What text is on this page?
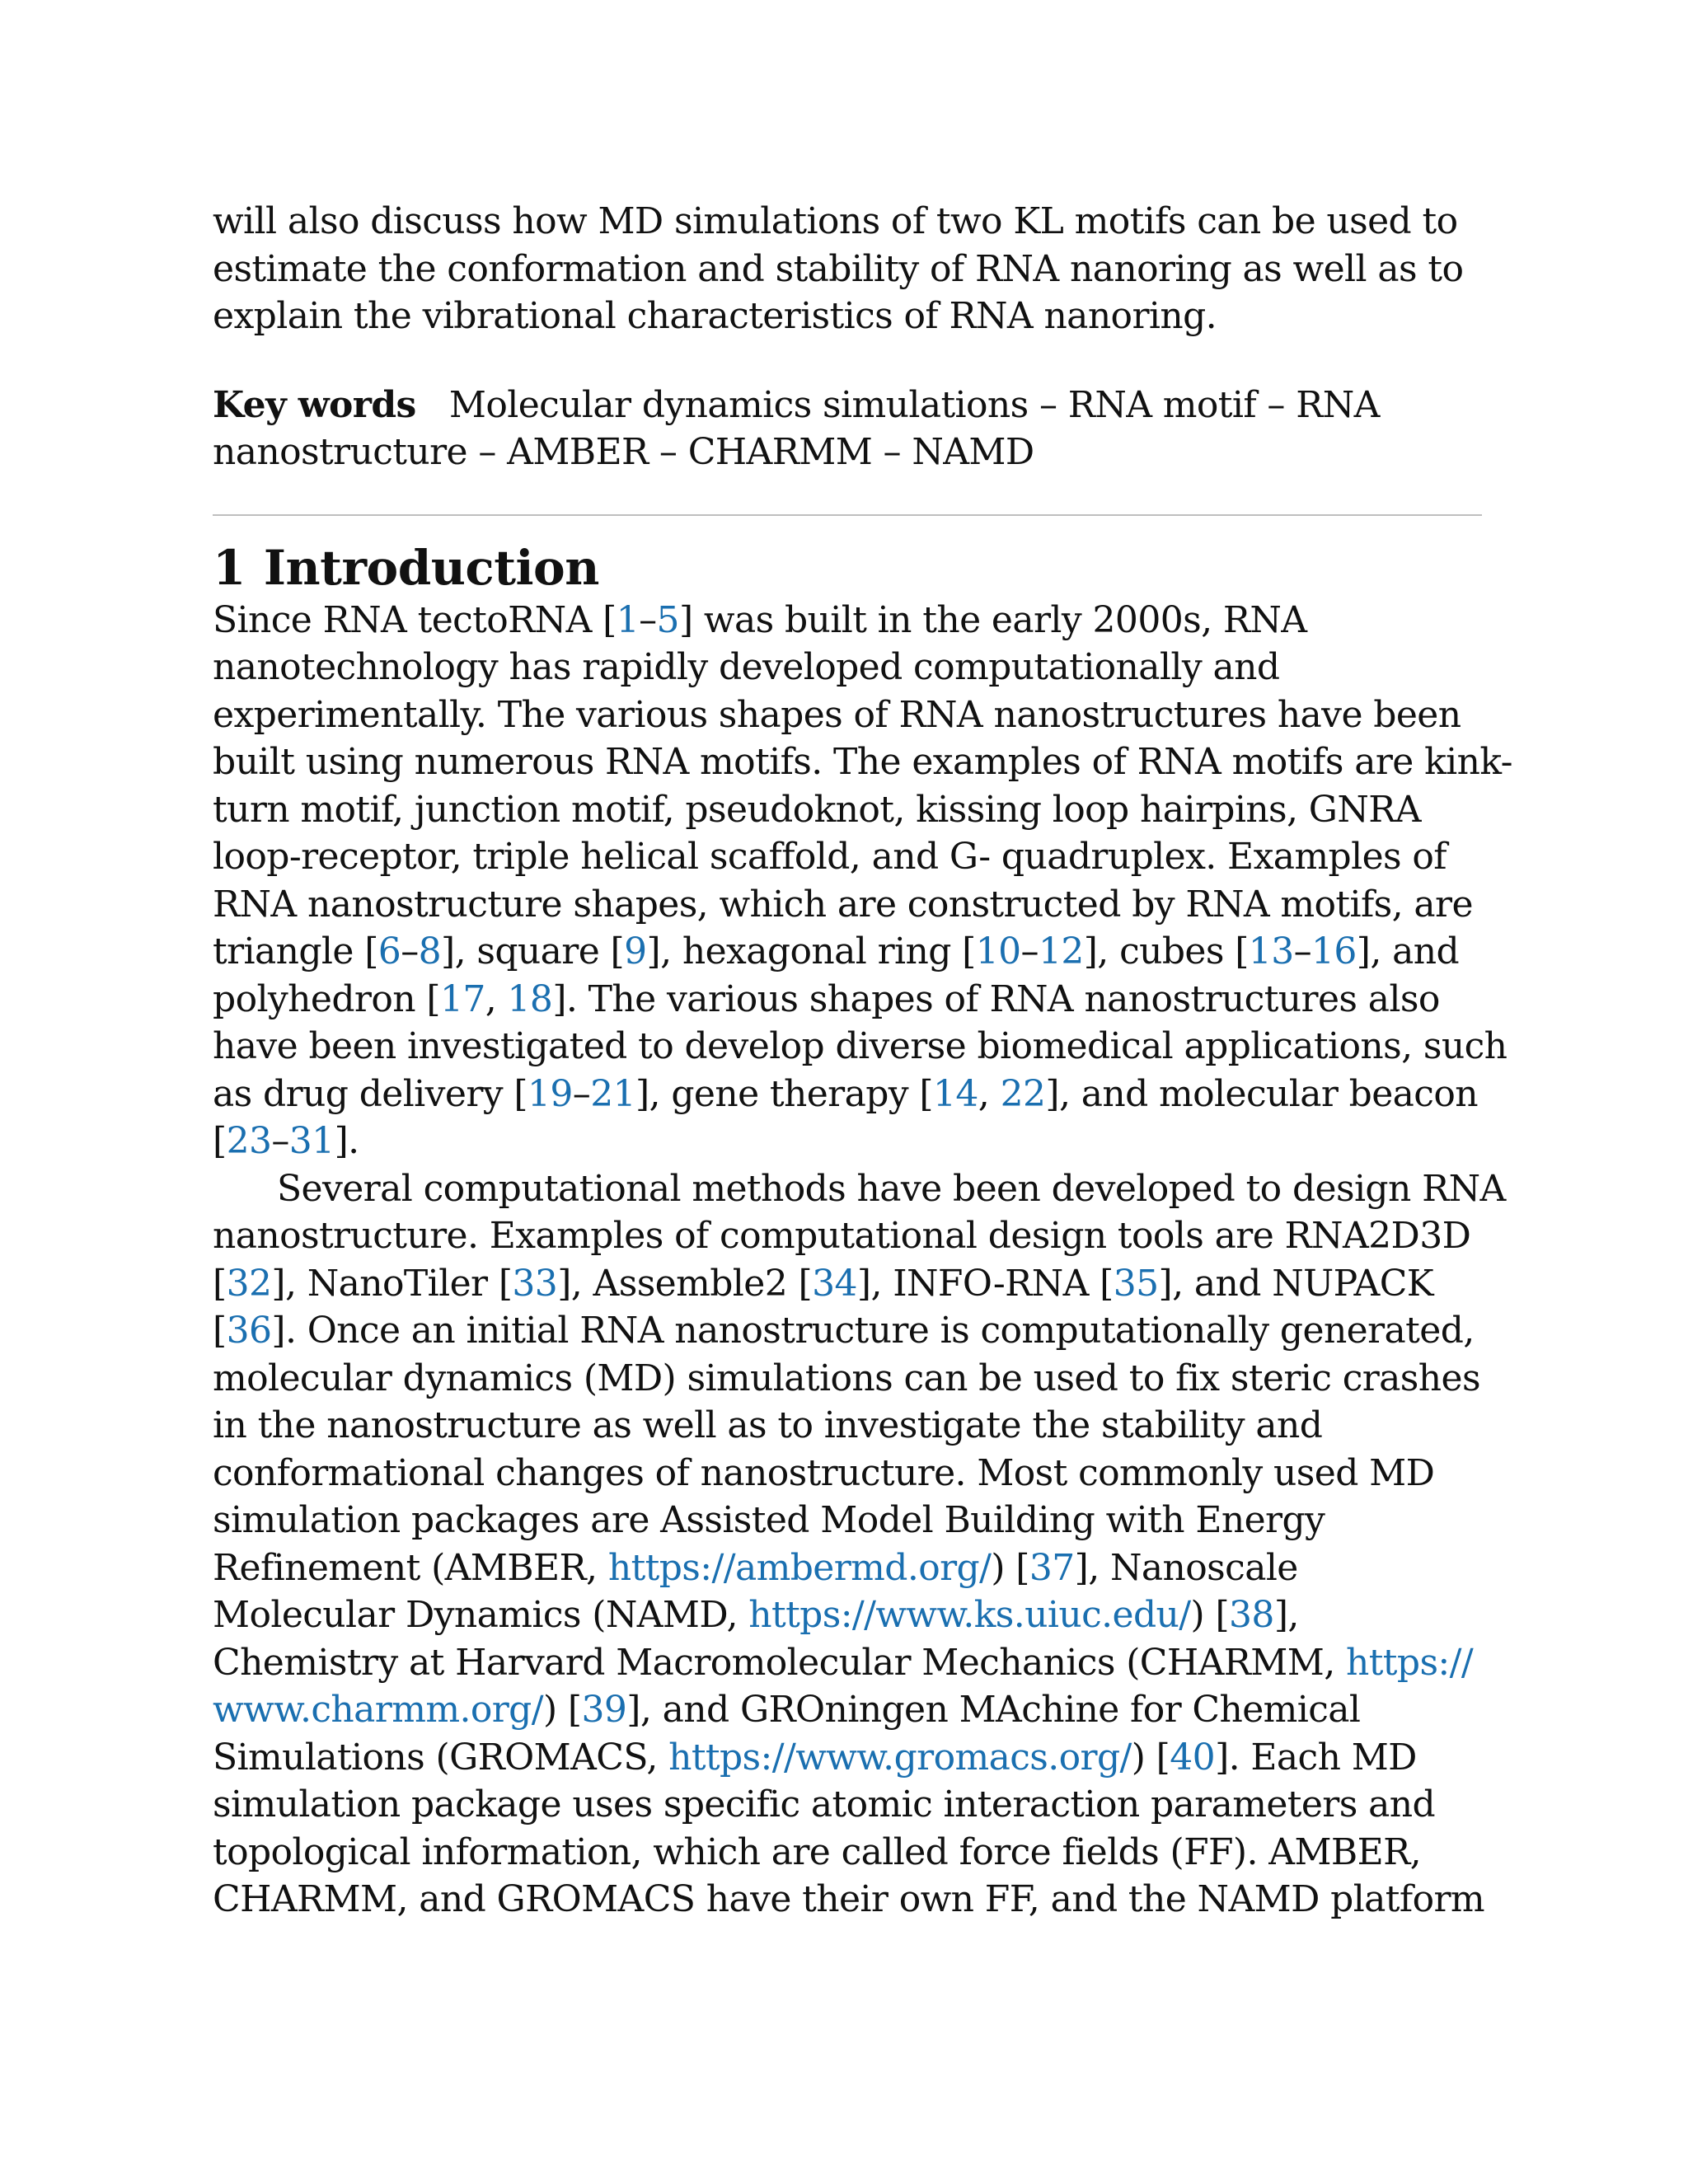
will also discuss how MD simulations of two KL motifs can be used to
estimate the conformation and stability of RNA nanoring as well as to
explain the vibrational characteristics of RNA nanoring.
Key words Molecular dynamics simulations – RNA motif – RNA
nanostructure – AMBER – CHARMM – NAMD
1 Introduction
Since RNA tectoRNA [1–5] was built in the early 2000s, RNA
nanotechnology has rapidly developed computationally and
experimentally. The various shapes of RNA nanostructures have been
built using numerous RNA motifs. The examples of RNA motifs are kink-
turn motif, junction motif, pseudoknot, kissing loop hairpins, GNRA
loop-receptor, triple helical scaffold, and G- quadruplex. Examples of
RNA nanostructure shapes, which are constructed by RNA motifs, are
triangle [6–8], square [9], hexagonal ring [10–12], cubes [13–16], and
polyhedron [17, 18]. The various shapes of RNA nanostructures also
have been investigated to develop diverse biomedical applications, such
as drug delivery [19–21], gene therapy [14, 22], and molecular beacon
[23–31].
Several computational methods have been developed to design RNA
nanostructure. Examples of computational design tools are RNA2D3D
[32], NanoTiler [33], Assemble2 [34], INFO-RNA [35], and NUPACK
[36]. Once an initial RNA nanostructure is computationally generated,
molecular dynamics (MD) simulations can be used to fix steric crashes
in the nanostructure as well as to investigate the stability and
conformational changes of nanostructure. Most commonly used MD
simulation packages are Assisted Model Building with Energy
Refinement (AMBER, https://ambermd.org/) [37], Nanoscale
Molecular Dynamics (NAMD, https://www.ks.uiuc.edu/) [38],
Chemistry at Harvard Macromolecular Mechanics (CHARMM, https://
www.charmm.org/) [39], and GROningen MAchine for Chemical
Simulations (GROMACS, https://www.gromacs.org/) [40]. Each MD
simulation package uses specific atomic interaction parameters and
topological information, which are called force fields (FF). AMBER,
CHARMM, and GROMACS have their own FF, and the NAMD platform
